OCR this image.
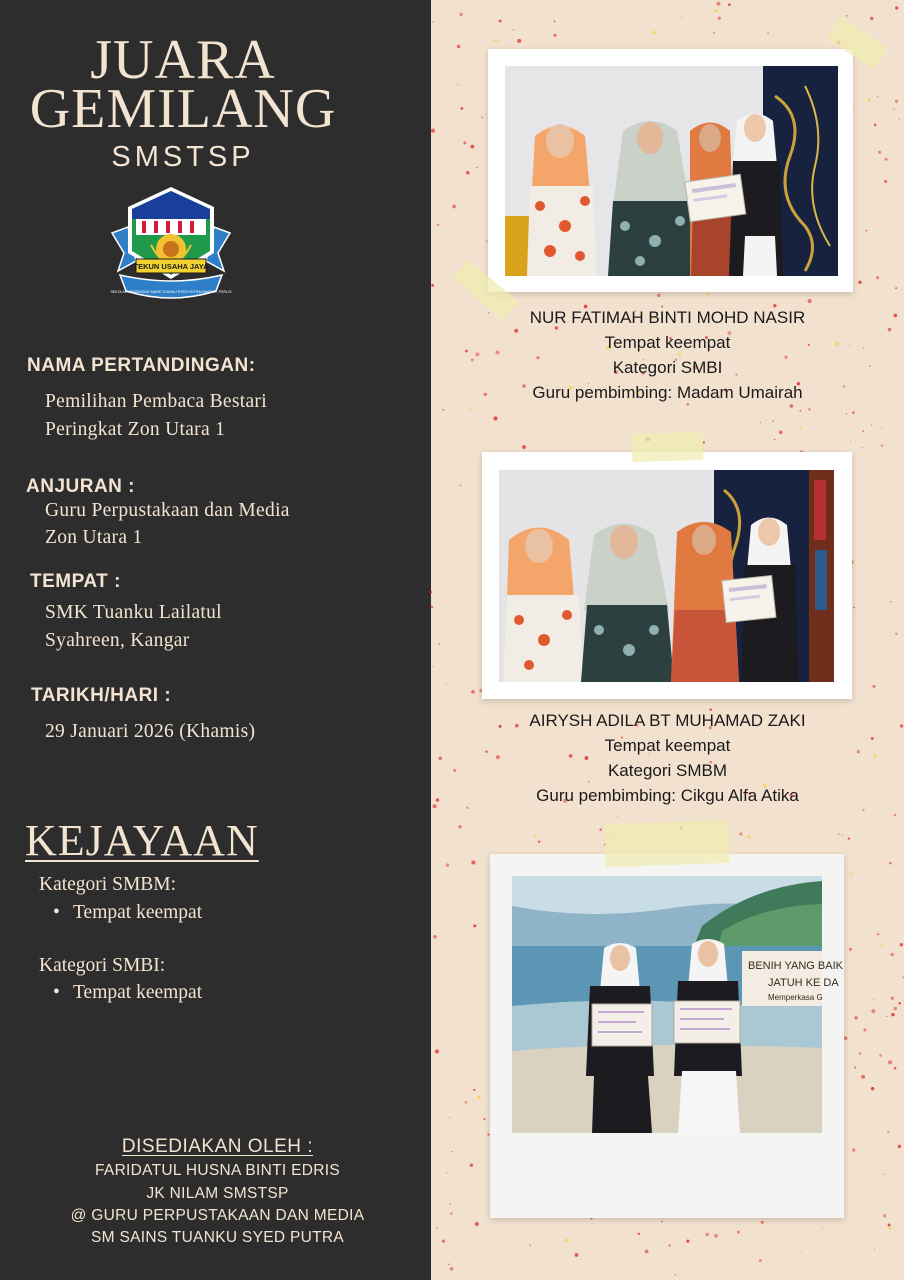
JUARA
GEMILANG
SMSTSP
TEKUN USAHA JAYA
SEKOLAH MENENGAH SAINS TUANKU SYED PUTRA KANGAR, PERLIS
NAMA PERTANDINGAN:
Pemilihan Pembaca Bestari
Peringkat Zon Utara 1
ANJURAN :
Guru Perpustakaan dan Media
Zon Utara 1
TEMPAT :
SMK Tuanku Lailatul
Syahreen, Kangar
TARIKH/HARI :
29 Januari 2026 (Khamis)
KEJAYAAN
Kategori SMBM:
• Tempat keempat
Kategori SMBI:
• Tempat keempat
DISEDIAKAN OLEH :
FARIDATUL HUSNA BINTI EDRIS
JK NILAM SMSTSP
@ GURU PERPUSTAKAAN DAN MEDIA
SM SAINS TUANKU SYED PUTRA
NUR FATIMAH BINTI MOHD NASIR
Tempat keempat
Kategori SMBI
Guru pembimbing: Madam Umairah
AIRYSH ADILA BT MUHAMAD ZAKI
Tempat keempat
Kategori SMBM
Guru pembimbing: Cikgu Alfa Atika
BENIH YANG BAIK
JATUH KE DA
Memperkasa G
